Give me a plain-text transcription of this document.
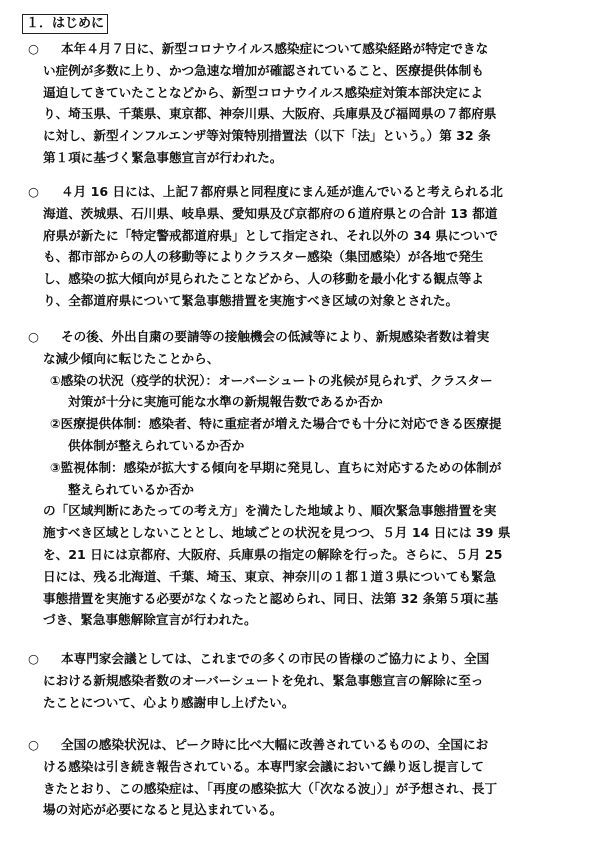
１．はじめに
○	本年４月７日に、新型コロナウイルス感染症について感染経路が特定できな
い症例が多数に上り、かつ急速な増加が確認されていること、医療提供体制も
逼迫してきていたことなどから、新型コロナウイルス感染症対策本部決定によ
り、埼玉県、千葉県、東京都、神奈川県、大阪府、兵庫県及び福岡県の７都府県
に対し、新型インフルエンザ等対策特別措置法（以下「法」という。）第 32 条
第１項に基づく緊急事態宣言が行われた。
○	４月 16 日には、上記７都府県と同程度にまん延が進んでいると考えられる北
海道、茨城県、石川県、岐阜県、愛知県及び京都府の６道府県との合計 13 都道
府県が新たに「特定警戒都道府県」として指定され、それ以外の 34 県についで
も、都市部からの人の移動等によりクラスター感染（集団感染）が各地で発生
し、感染の拡大傾向が見られたことなどから、人の移動を最小化する観点等よ
り、全都道府県について緊急事態措置を実施すべき区域の対象とされた。
○	その後、外出自粛の要請等の接触機会の低減等により、新規感染者数は着実
な減少傾向に転じたことから、
①感染の状況（疫学的状況）：オーバーシュートの兆候が見られず、クラスター
対策が十分に実施可能な水準の新規報告数であるか否か
②医療提供体制：感染者、特に重症者が増えた場合でも十分に対応できる医療提
供体制が整えられているか否か
③監視体制：感染が拡大する傾向を早期に発見し、直ちに対応するための体制が
整えられているか否か
の「区域判断にあたっての考え方」を満たした地域より、順次緊急事態措置を実
施すべき区域としないこととし、地域ごとの状況を見つつ、５月 14 日には 39 県
を、21 日には京都府、大阪府、兵庫県の指定の解除を行った。さらに、５月 25
日には、残る北海道、千葉、埼玉、東京、神奈川の１都１道３県についても緊急
事態措置を実施する必要がなくなったと認められ、同日、法第 32 条第５項に基
づき、緊急事態解除宣言が行われた。
○	本専門家会議としては、これまでの多くの市民の皆様のご協力により、全国
における新規感染者数のオーバーシュートを免れ、緊急事態宣言の解除に至っ
たことについて、心より感謝申し上げたい。
○	全国の感染状況は、ピーク時に比べ大幅に改善されているものの、全国にお
ける感染は引き続き報告されている。本専門家会議において繰り返し提言して
きたとおり、この感染症は、「再度の感染拡大（「次なる波」）」が予想され、長丁
場の対応が必要になると見込まれている。
